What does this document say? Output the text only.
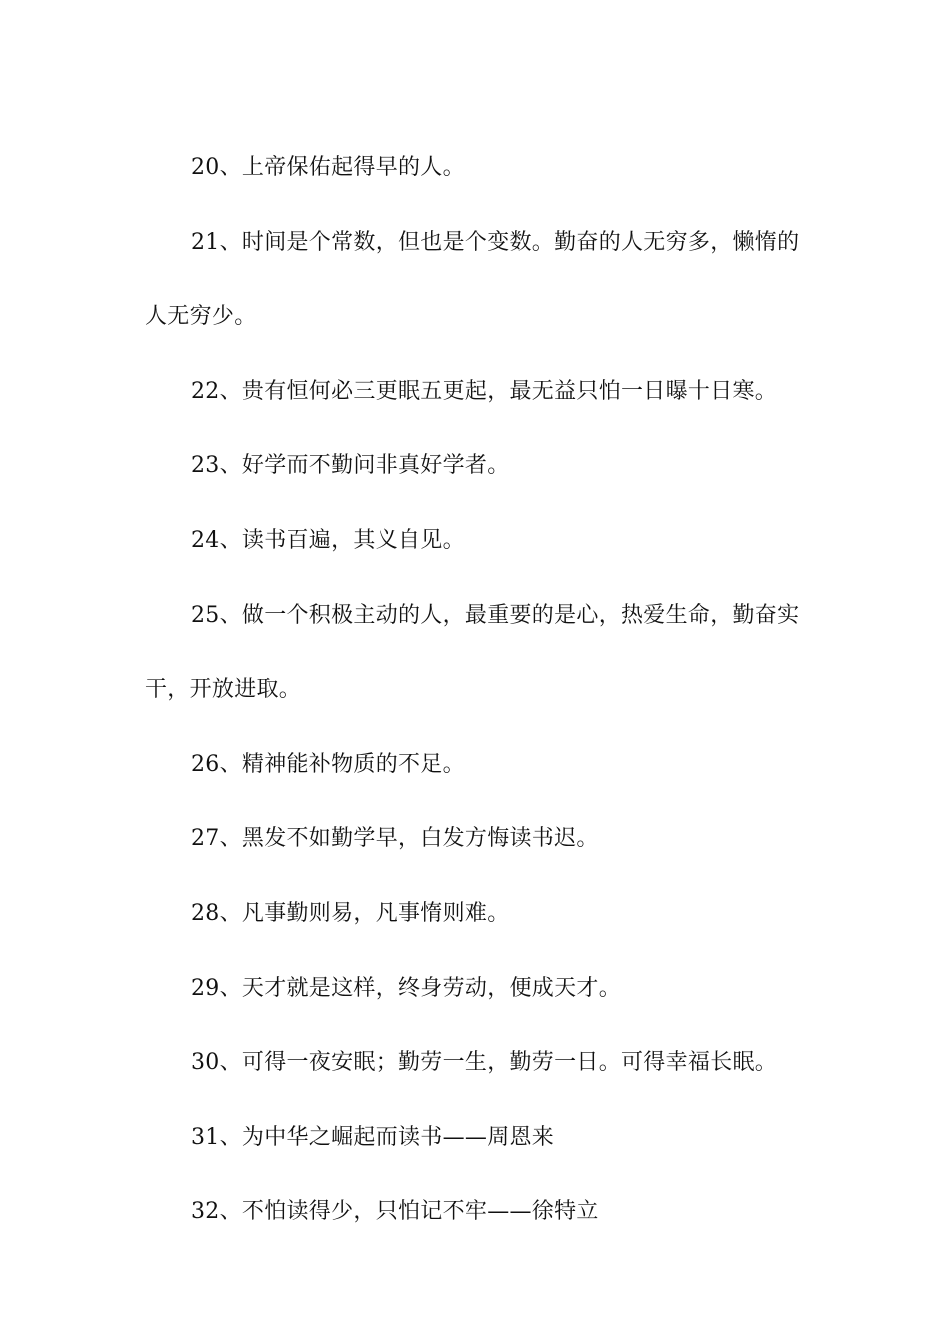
20、上帝保佑起得早的人。

21、时间是个常数，但也是个变数。勤奋的人无穷多，懒惰的人无穷少。

22、贵有恒何必三更眠五更起，最无益只怕一日曝十日寒。

23、好学而不勤问非真好学者。

24、读书百遍，其义自见。

25、做一个积极主动的人，最重要的是心，热爱生命，勤奋实干，开放进取。

26、精神能补物质的不足。

27、黑发不如勤学早，白发方悔读书迟。

28、凡事勤则易，凡事惰则难。

29、天才就是这样，终身劳动，便成天才。

30、可得一夜安眠；勤劳一生，勤劳一日。可得幸福长眠。

31、为中华之崛起而读书——周恩来

32、不怕读得少，只怕记不牢——徐特立
